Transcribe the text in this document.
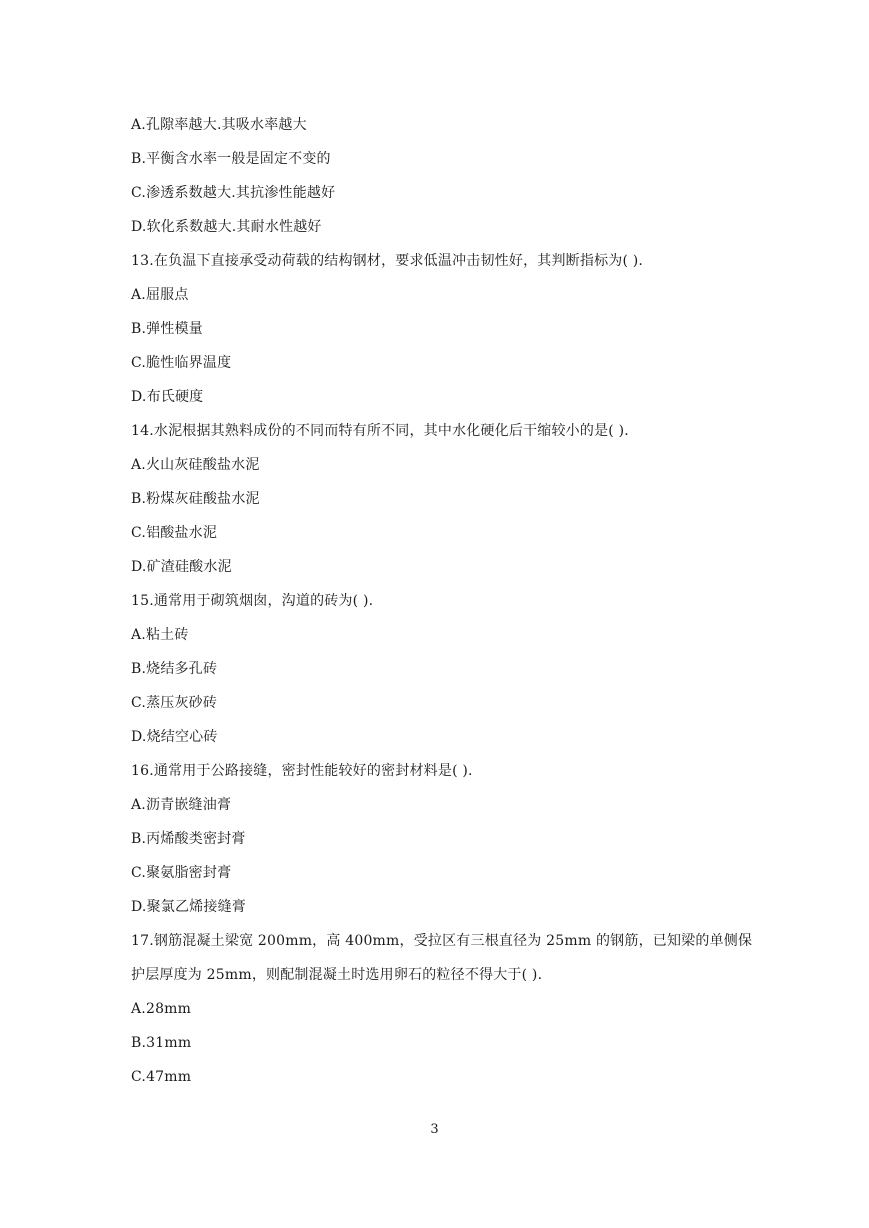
A.孔隙率越大.其吸水率越大
B.平衡含水率一般是固定不变的
C.渗透系数越大.其抗渗性能越好
D.软化系数越大.其耐水性越好
13.在负温下直接承受动荷载的结构钢材，要求低温冲击韧性好，其判断指标为( ).
A.屈服点
B.弹性模量
C.脆性临界温度
D.布氏硬度
14.水泥根据其熟料成份的不同而特有所不同，其中水化硬化后干缩较小的是( ).
A.火山灰硅酸盐水泥
B.粉煤灰硅酸盐水泥
C.铝酸盐水泥
D.矿渣硅酸水泥
15.通常用于砌筑烟囱，沟道的砖为( ).
A.粘土砖
B.烧结多孔砖
C.蒸压灰砂砖
D.烧结空心砖
16.通常用于公路接缝，密封性能较好的密封材料是( ).
A.沥青嵌缝油膏
B.丙烯酸类密封膏
C.聚氨脂密封膏
D.聚氯乙烯接缝膏
17.钢筋混凝土梁宽 200mm，高 400mm，受拉区有三根直径为 25mm 的钢筋，已知梁的单侧保
护层厚度为 25mm，则配制混凝土时选用卵石的粒径不得大于( ).
A.28mm
B.31mm
C.47mm
3
